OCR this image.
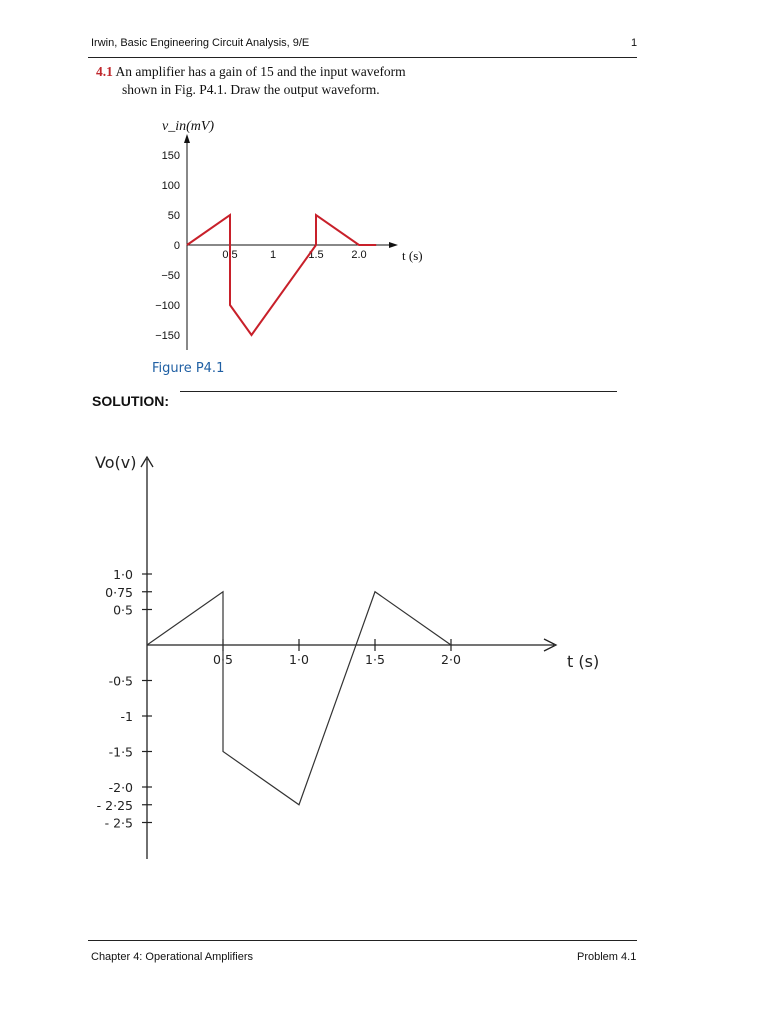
Irwin, Basic Engineering Circuit Analysis, 9/E	1
4.1 An amplifier has a gain of 15 and the input waveform
shown in Fig. P4.1. Draw the output waveform.
150
100
50
0
−50
−100
−150
0.5	1	1.5	2.0
v_in(mV)
t (s)
Figure P4.1
SOLUTION:
1·0
0·75
0·5
-0·5
-1
-1·5
-2·0
- 2·25
- 2·5
0·5	1·0	1·5	2·0
Vo(v)
t (s)
Chapter 4: Operational Amplifiers	Problem 4.1
